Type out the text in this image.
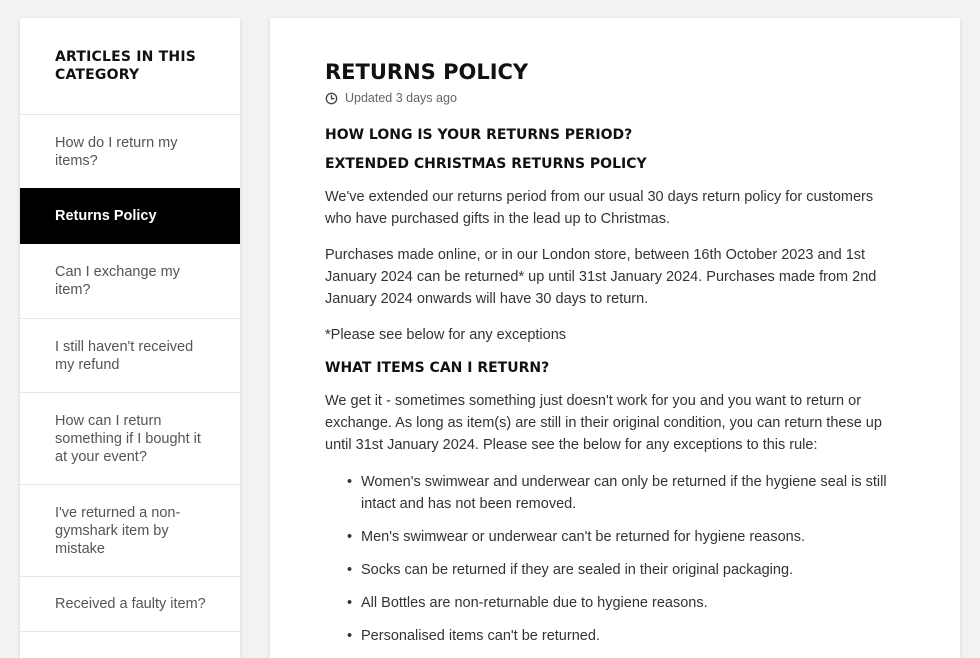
ARTICLES IN THIS CATEGORY
How do I return my items?
Returns Policy
Can I exchange my item?
I still haven't received my refund
How can I return something if I bought it at your event?
I've returned a non-gymshark item by mistake
Received a faulty item?
RETURNS POLICY
Updated 3 days ago
HOW LONG IS YOUR RETURNS PERIOD?
EXTENDED CHRISTMAS RETURNS POLICY

We've extended our returns period from our usual 30 days return policy for customers who have purchased gifts in the lead up to Christmas.

Purchases made online, or in our London store, between 16th October 2023 and 1st January 2024 can be returned* up until 31st January 2024. Purchases made from 2nd January 2024 onwards will have 30 days to return.

*Please see below for any exceptions

WHAT ITEMS CAN I RETURN?

We get it - sometimes something just doesn't work for you and you want to return or exchange. As long as item(s) are still in their original condition, you can return these up until 31st January 2024. Please see the below for any exceptions to this rule:

• Women's swimwear and underwear can only be returned if the hygiene seal is still intact and has not been removed.
• Men's swimwear or underwear can't be returned for hygiene reasons.
• Socks can be returned if they are sealed in their original packaging.
• All Bottles are non-returnable due to hygiene reasons.
• Personalised items can't be returned.
